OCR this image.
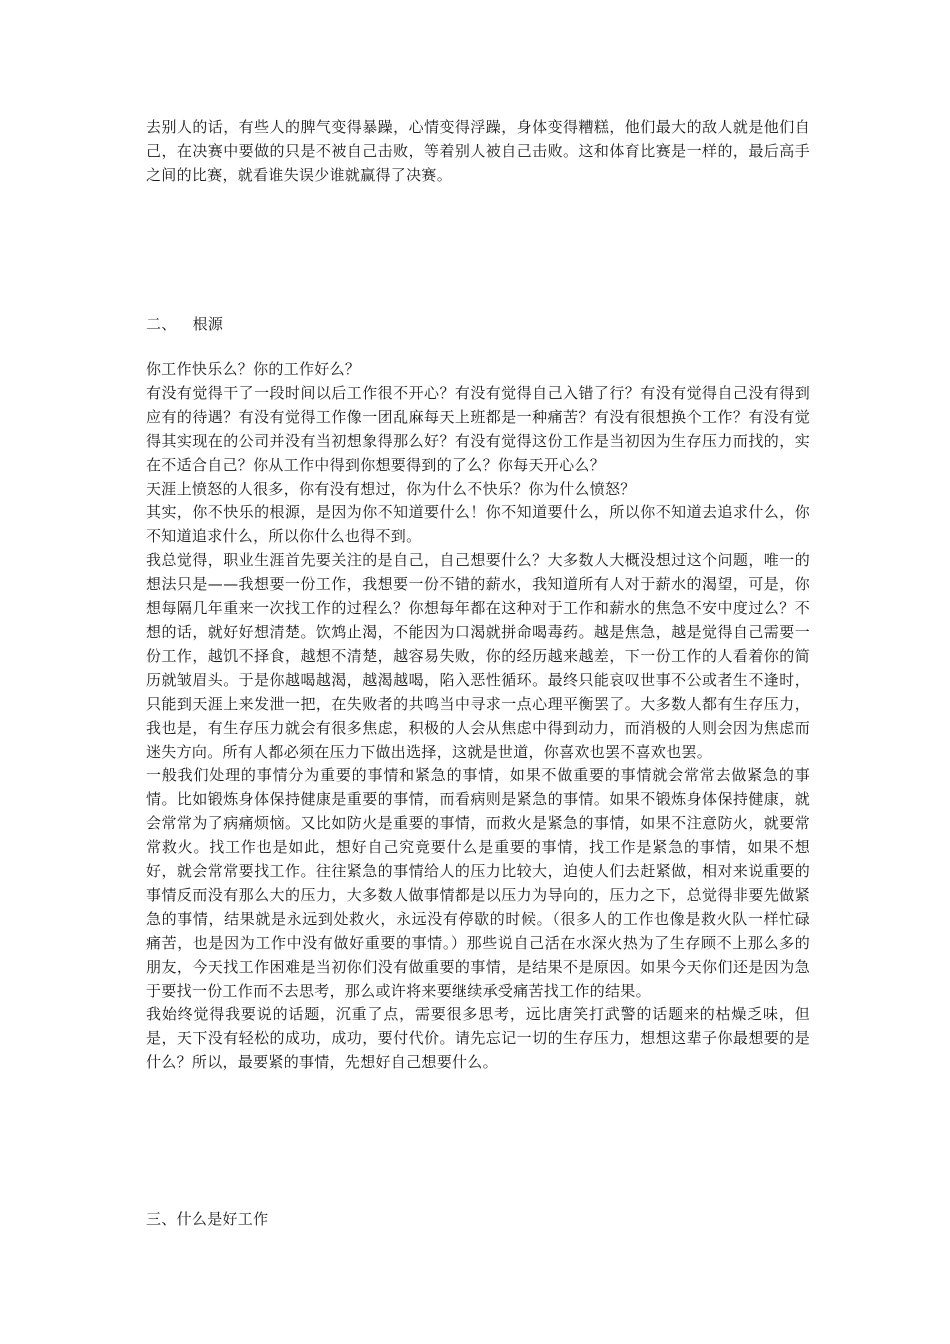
去别人的话，有些人的脾气变得暴躁，心情变得浮躁，身体变得糟糕，他们最大的敌人就是他们自己，在决赛中要做的只是不被自己击败，等着别人被自己击败。这和体育比赛是一样的，最后高手之间的比赛，就看谁失误少谁就赢得了决赛。

二、 根源

你工作快乐么？你的工作好么？

有没有觉得干了一段时间以后工作很不开心？有没有觉得自己入错了行？有没有觉得自己没有得到应有的待遇？有没有觉得工作像一团乱麻每天上班都是一种痛苦？有没有很想换个工作？有没有觉得其实现在的公司并没有当初想象得那么好？有没有觉得这份工作是当初因为生存压力而找的，实在不适合自己？你从工作中得到你想要得到的了么？你每天开心么？

天涯上愤怒的人很多，你有没有想过，你为什么不快乐？你为什么愤怒？

其实，你不快乐的根源，是因为你不知道要什么！你不知道要什么，所以你不知道去追求什么，你不知道追求什么，所以你什么也得不到。

我总觉得，职业生涯首先要关注的是自己，自己想要什么？大多数人大概没想过这个问题，唯一的想法只是——我想要一份工作，我想要一份不错的薪水，我知道所有人对于薪水的渴望，可是，你想每隔几年重来一次找工作的过程么？你想每年都在这种对于工作和薪水的焦急不安中度过么？不想的话，就好好想清楚。饮鸩止渴，不能因为口渴就拼命喝毒药。越是焦急，越是觉得自己需要一份工作，越饥不择食，越想不清楚，越容易失败，你的经历越来越差，下一份工作的人看着你的简历就皱眉头。于是你越喝越渴，越渴越喝，陷入恶性循环。最终只能哀叹世事不公或者生不逢时，只能到天涯上来发泄一把，在失败者的共鸣当中寻求一点心理平衡罢了。大多数人都有生存压力，我也是，有生存压力就会有很多焦虑，积极的人会从焦虑中得到动力，而消极的人则会因为焦虑而迷失方向。所有人都必须在压力下做出选择，这就是世道，你喜欢也罢不喜欢也罢。

一般我们处理的事情分为重要的事情和紧急的事情，如果不做重要的事情就会常常去做紧急的事情。比如锻炼身体保持健康是重要的事情，而看病则是紧急的事情。如果不锻炼身体保持健康，就会常常为了病痛烦恼。又比如防火是重要的事情，而救火是紧急的事情，如果不注意防火，就要常常救火。找工作也是如此，想好自己究竟要什么是重要的事情，找工作是紧急的事情，如果不想好，就会常常要找工作。往往紧急的事情给人的压力比较大，迫使人们去赶紧做，相对来说重要的事情反而没有那么大的压力，大多数人做事情都是以压力为导向的，压力之下，总觉得非要先做紧急的事情，结果就是永远到处救火，永远没有停歇的时候。（很多人的工作也像是救火队一样忙碌痛苦，也是因为工作中没有做好重要的事情。）那些说自己活在水深火热为了生存顾不上那么多的朋友，今天找工作困难是当初你们没有做重要的事情，是结果不是原因。如果今天你们还是因为急于要找一份工作而不去思考，那么或许将来要继续承受痛苦找工作的结果。

我始终觉得我要说的话题，沉重了点，需要很多思考，远比唐笑打武警的话题来的枯燥乏味，但是，天下没有轻松的成功，成功，要付代价。请先忘记一切的生存压力，想想这辈子你最想要的是什么？所以，最要紧的事情，先想好自己想要什么。

三、什么是好工作
